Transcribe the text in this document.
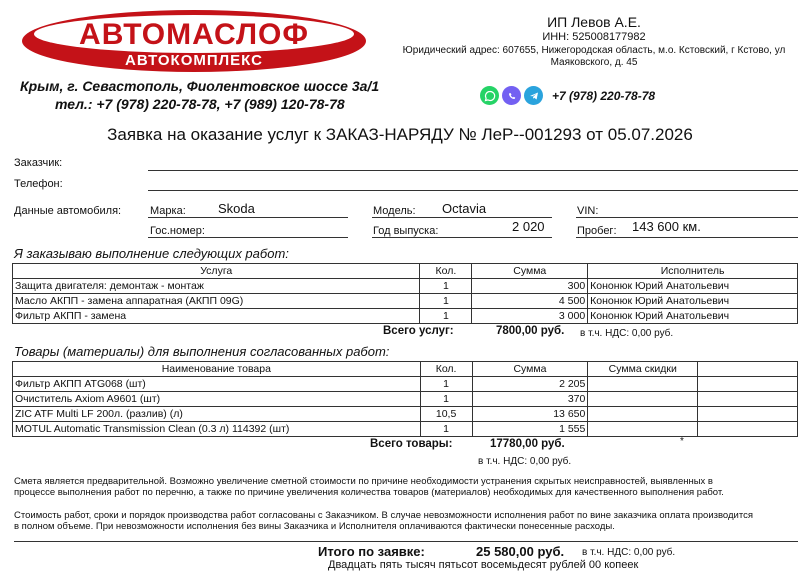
АВТОМАСЛОФ
АВТОКОМПЛЕКС
Крым, г. Севастополь, Фиолентовское шоссе 3а/1
тел.: +7 (978) 220-78-78, +7 (989) 120-78-78
ИП Левов А.Е.
ИНН: 525008177982
Юридический адрес: 607655, Нижегородская область, м.о. Кстовский, г Кстово, ул Маяковского, д. 45
+7 (978) 220-78-78
Заявка на оказание услуг к ЗАКАЗ-НАРЯДУ № ЛеР--001293 от 05.07.2026
Заказчик:
Телефон:
Данные автомобиля:	Марка: Skoda	Модель: Octavia	VIN:
Гос.номер:	Год выпуска:	2 020	Пробег: 143 600 км.
Я заказываю выполнение следующих работ:
Услуга	Кол.	Сумма	Исполнитель
Защита двигателя: демонтаж - монтаж	1	300	Кононюк Юрий Анатольевич
Масло АКПП - замена аппаратная (АКПП 09G)	1	4 500	Кононюк Юрий Анатольевич
Фильтр АКПП - замена	1	3 000	Кононюк Юрий Анатольевич
Всего услуг:	7800,00 руб. в т.ч. НДС: 0,00 руб.
Товары (материалы) для выполнения согласованных работ:
Наименование товара	Кол.	Сумма	Сумма скидки	
Фильтр АКПП ATG068 (шт)	1	2 205		
Очиститель Axiom A9601 (шт)	1	370		
ZIC ATF Multi LF 200л. (разлив) (л)	10,5	13 650		
MOTUL Automatic Transmission Clean (0.3 л) 114392 (шт)	1	1 555		
Всего товары:	17780,00 руб.	*
в т.ч. НДС: 0,00 руб.
Смета является предварительной. Возможно увеличение сметной стоимости по причине необходимости устранения скрытых неисправностей, выявленных в процессе выполнения работ по перечню, а также по причине увеличения количества товаров (материалов) необходимых для качественного выполнения работ.
Стоимость работ, сроки и порядок производства работ согласованы с Заказчиком. В случае невозможности исполнения работ по вине заказчика оплата производится в полном объеме. При невозможности исполнения без вины Заказчика и Исполнителя оплачиваются фактически понесенные расходы.
Итого по заявке:	25 580,00 руб. в т.ч. НДС: 0,00 руб.
Двадцать пять тысяч пятьсот восемьдесят рублей 00 копеек
